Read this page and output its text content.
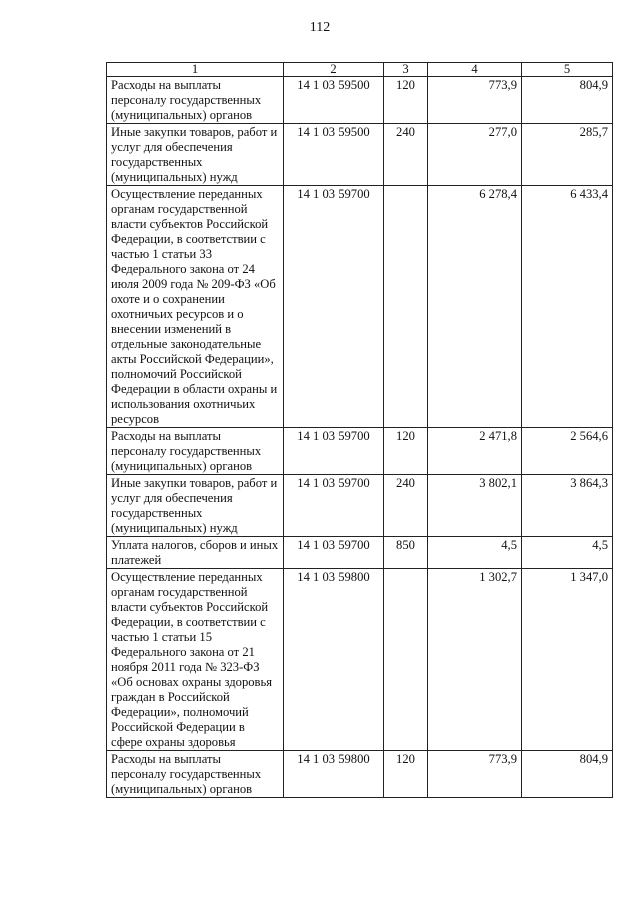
112
1	2	3	4	5
Расходы на выплаты персоналу государственных (муниципальных) органов	14 1 03 59500	120	773,9	804,9
Иные закупки товаров, работ и услуг для обеспечения государственных (муниципальных) нужд	14 1 03 59500	240	277,0	285,7
Осуществление переданных органам государственной власти субъектов Российской Федерации, в соответствии с частью 1 статьи 33 Федерального закона от 24 июля 2009 года № 209-ФЗ «Об охоте и о сохранении охотничьих ресурсов и о внесении изменений в отдельные законодательные акты Российской Федерации», полномочий Российской Федерации в области охраны и использования охотничьих ресурсов	14 1 03 59700		6 278,4	6 433,4
Расходы на выплаты персоналу государственных (муниципальных) органов	14 1 03 59700	120	2 471,8	2 564,6
Иные закупки товаров, работ и услуг для обеспечения государственных (муниципальных) нужд	14 1 03 59700	240	3 802,1	3 864,3
Уплата налогов, сборов и иных платежей	14 1 03 59700	850	4,5	4,5
Осуществление переданных органам государственной власти субъектов Российской Федерации, в соответствии с частью 1 статьи 15 Федерального закона от 21 ноября 2011 года № 323-ФЗ «Об основах охраны здоровья граждан в Российской Федерации», полномочий Российской Федерации в сфере охраны здоровья	14 1 03 59800		1 302,7	1 347,0
Расходы на выплаты персоналу государственных (муниципальных) органов	14 1 03 59800	120	773,9	804,9
